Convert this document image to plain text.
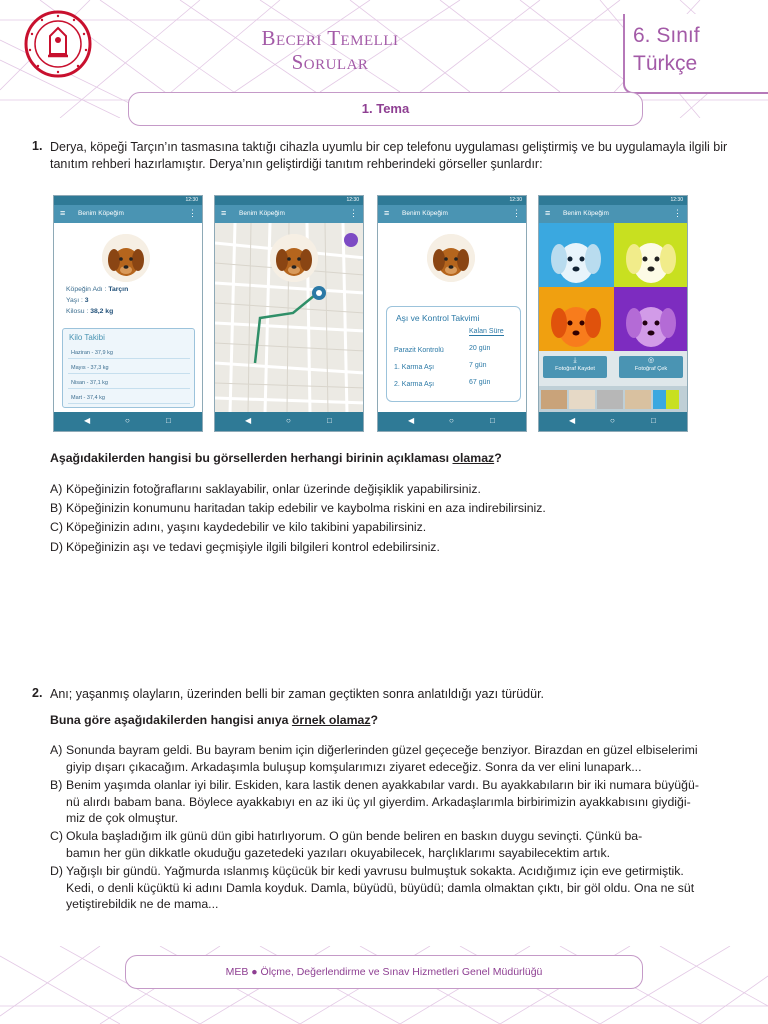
Beceri Temelli
Sorular
6. Sınıf
Türkçe
1. Tema
1. Derya, köpeği Tarçın’ın tasmasına taktığı cihazla uyumlu bir cep telefonu uygulaması geliştirmiş ve bu uygulamayla ilgili bir tanıtım rehberi hazırlamıştır. Derya’nın geliştirdiği tanıtım rehberindeki görseller şunlardır:
12:30
≡ Benim Köpeğim	⋮
Köpeğin Adı : Tarçın
Yaşı : 3
Kilosu : 38,2 kg
Kilo Takibi
Haziran - 37,9 kg
Mayıs - 37,3 kg
Nisan - 37,1 kg
Mart - 37,4 kg
◀	○	□
12:30
≡ Benim Köpeğim	⋮
◀	○	□
12:30
≡ Benim Köpeğim	⋮
Aşı ve Kontrol Takvimi
Kalan Süre
Parazit Kontrolü	20 gün
1. Karma Aşı	7 gün
2. Karma Aşı	67 gün
◀	○	□
12:30
≡ Benim Köpeğim	⋮
⤓
Fotoğraf Kaydet
◎
Fotoğraf Çek
◀	○	□
Aşağıdakilerden hangisi bu görsellerden herhangi birinin açıklaması olamaz?
A) Köpeğinizin fotoğraflarını saklayabilir, onlar üzerinde değişiklik yapabilirsiniz.
B) Köpeğinizin konumunu haritadan takip edebilir ve kaybolma riskini en aza indirebilirsiniz.
C) Köpeğinizin adını, yaşını kaydedebilir ve kilo takibini yapabilirsiniz.
D) Köpeğinizin aşı ve tedavi geçmişiyle ilgili bilgileri kontrol edebilirsiniz.
2. Anı; yaşanmış olayların, üzerinden belli bir zaman geçtikten sonra anlatıldığı yazı türüdür.
Buna göre aşağıdakilerden hangisi anıya örnek olamaz?
A) Sonunda bayram geldi. Bu bayram benim için diğerlerinden güzel geçeceğe benziyor. Birazdan en güzel elbiselerimi
giyip dışarı çıkacağım. Arkadaşımla buluşup komşularımızı ziyaret edeceğiz. Sonra da ver elini lunapark...
B) Benim yaşımda olanlar iyi bilir. Eskiden, kara lastik denen ayakkabılar vardı. Bu ayakkabıların bir iki numara büyüğü-
nü alırdı babam bana. Böylece ayakkabıyı en az iki üç yıl giyerdim. Arkadaşlarımla birbirimizin ayakkabısını giydiği-
miz de çok olmuştur.
C) Okula başladığım ilk günü dün gibi hatırlıyorum. O gün bende beliren en baskın duygu sevinçti. Çünkü ba-
bamın her gün dikkatle okuduğu gazetedeki yazıları okuyabilecek, harçlıklarımı sayabilecektim artık.
D) Yağışlı bir gündü. Yağmurda ıslanmış küçücük bir kedi yavrusu bulmuştuk sokakta. Acıdığımız için eve getirmiştik.
Kedi, o denli küçüktü ki adını Damla koyduk. Damla, büyüdü, büyüdü; damla olmaktan çıktı, bir göl oldu. Ona ne süt
yetiştirebildik ne de mama...
MEB ● Ölçme, Değerlendirme ve Sınav Hizmetleri Genel Müdürlüğü
